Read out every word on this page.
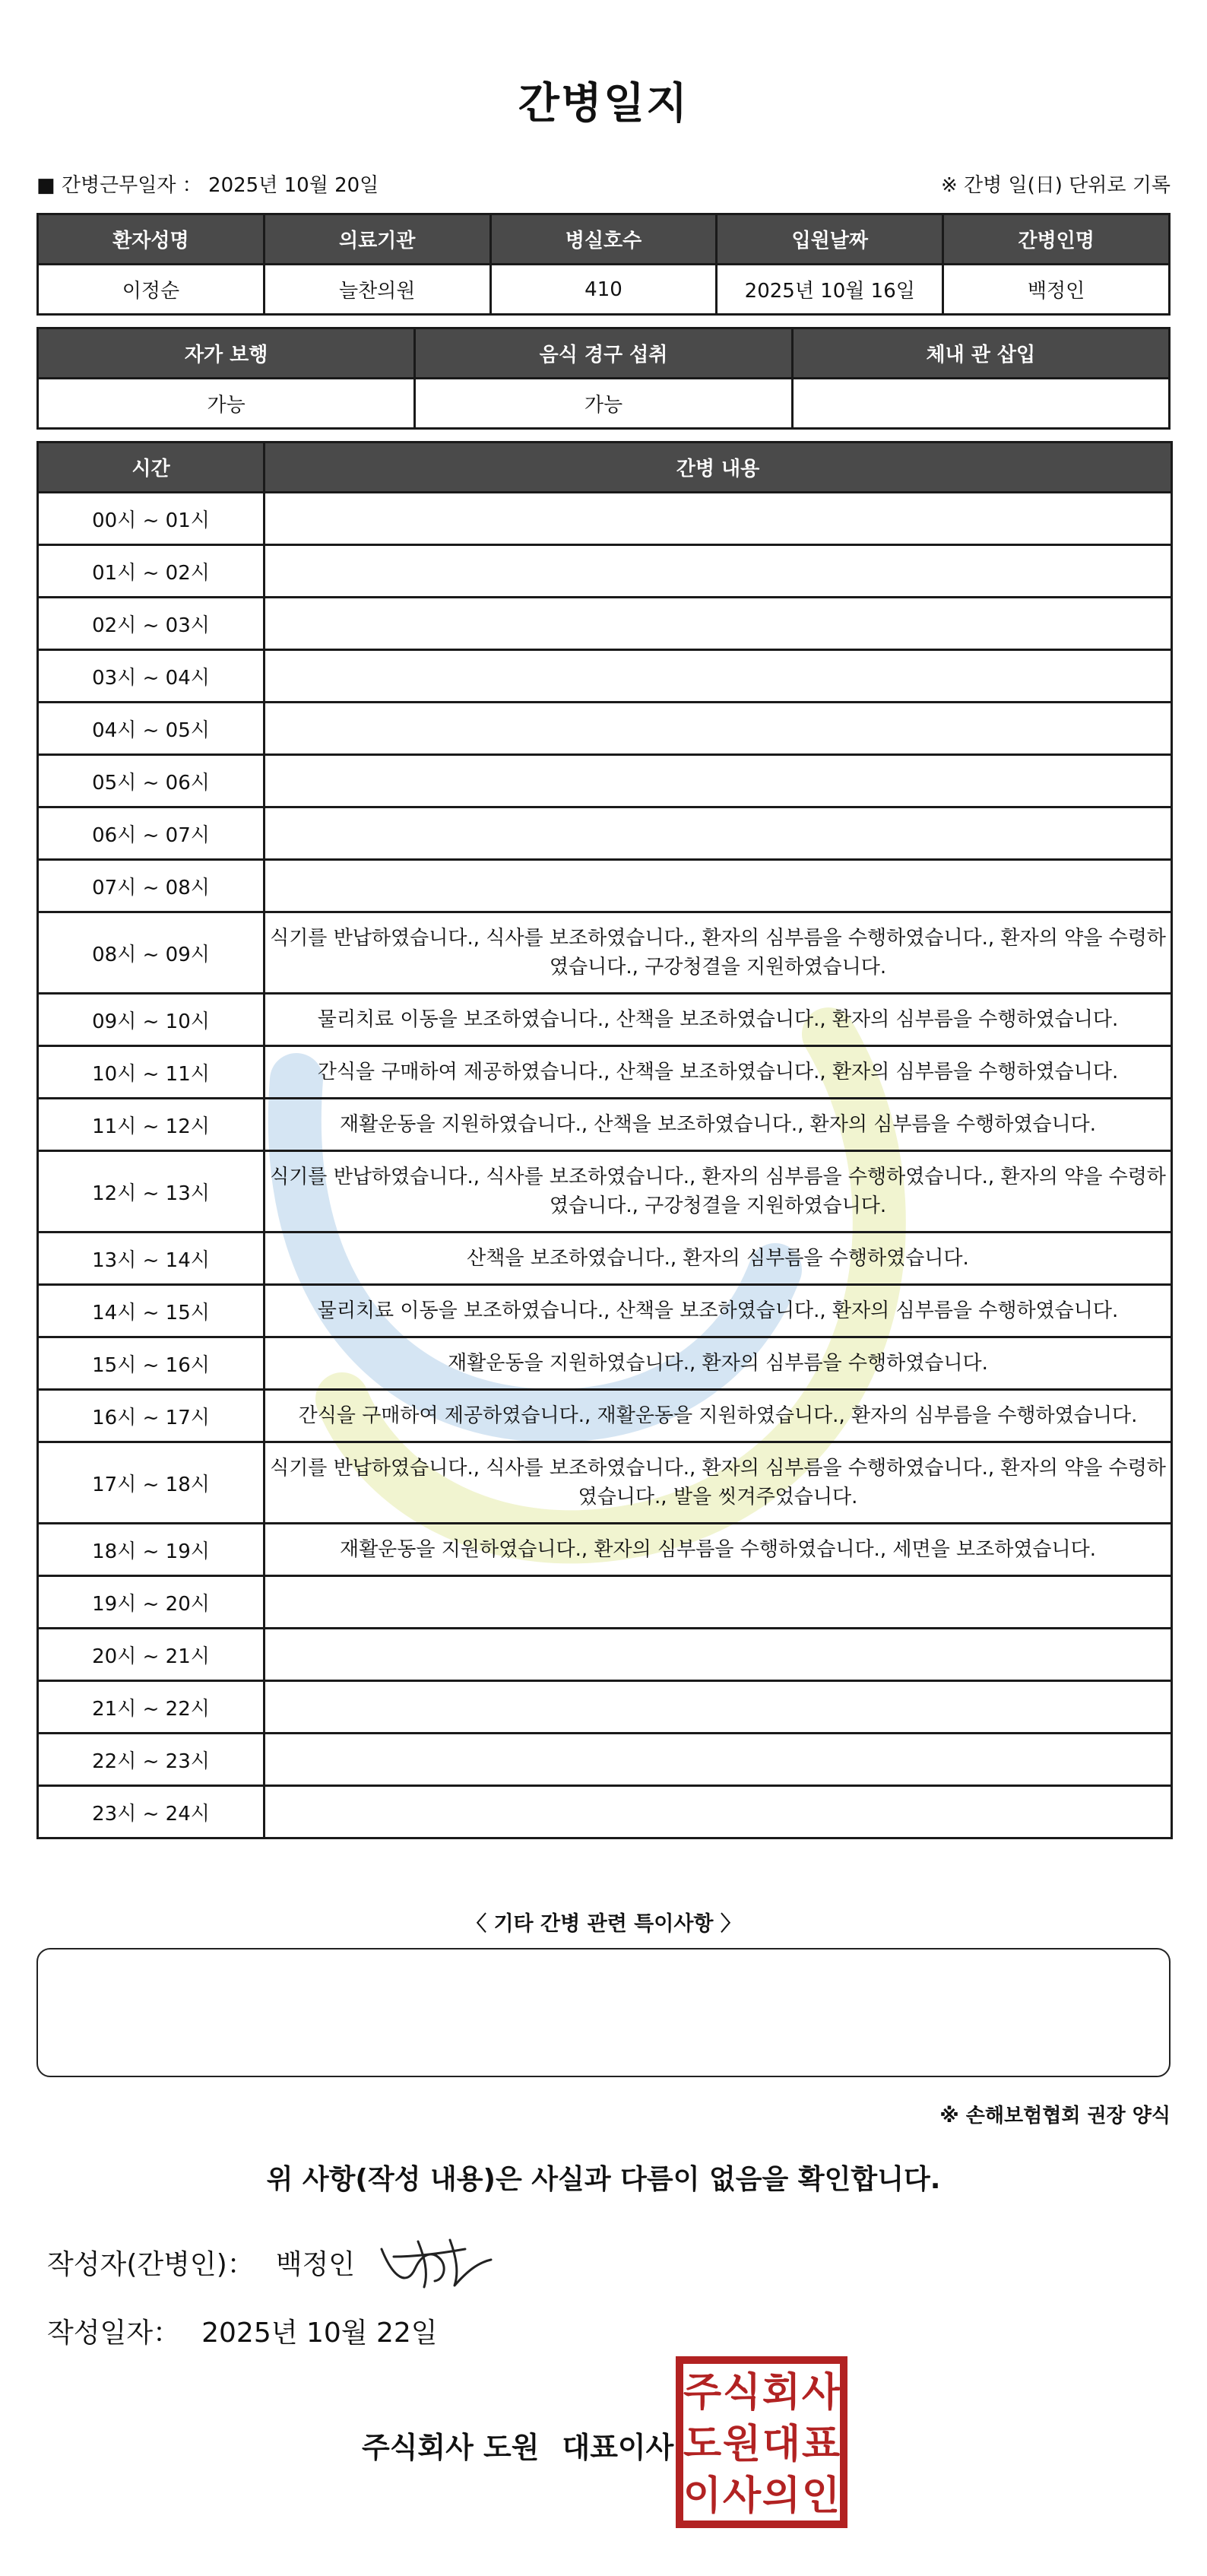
간병일지
■ 간병근무일자 ： 2025년 10월 20일	※ 간병 일(日) 단위로 기록
환자성명	의료기관	병실호수	입원날짜	간병인명
이정순	늘찬의원	410	2025년 10월 16일	백정인
자가 보행	음식 경구 섭취	체내 관 삽입
가능	가능	
시간	간병 내용
00시 ~ 01시	
01시 ~ 02시	
02시 ~ 03시	
03시 ~ 04시	
04시 ~ 05시	
05시 ~ 06시	
06시 ~ 07시	
07시 ~ 08시	
08시 ~ 09시	식기를 반납하였습니다., 식사를 보조하였습니다., 환자의 심부름을 수행하였습니다., 환자의 약을 수령하였습니다., 구강청결을 지원하였습니다.
09시 ~ 10시	물리치료 이동을 보조하였습니다., 산책을 보조하였습니다., 환자의 심부름을 수행하였습니다.
10시 ~ 11시	간식을 구매하여 제공하였습니다., 산책을 보조하였습니다., 환자의 심부름을 수행하였습니다.
11시 ~ 12시	재활운동을 지원하였습니다., 산책을 보조하였습니다., 환자의 심부름을 수행하였습니다.
12시 ~ 13시	식기를 반납하였습니다., 식사를 보조하였습니다., 환자의 심부름을 수행하였습니다., 환자의 약을 수령하였습니다., 구강청결을 지원하였습니다.
13시 ~ 14시	산책을 보조하였습니다., 환자의 심부름을 수행하였습니다.
14시 ~ 15시	물리치료 이동을 보조하였습니다., 산책을 보조하였습니다., 환자의 심부름을 수행하였습니다.
15시 ~ 16시	재활운동을 지원하였습니다., 환자의 심부름을 수행하였습니다.
16시 ~ 17시	간식을 구매하여 제공하였습니다., 재활운동을 지원하였습니다., 환자의 심부름을 수행하였습니다.
17시 ~ 18시	식기를 반납하였습니다., 식사를 보조하였습니다., 환자의 심부름을 수행하였습니다., 환자의 약을 수령하였습니다., 발을 씻겨주었습니다.
18시 ~ 19시	재활운동을 지원하였습니다., 환자의 심부름을 수행하였습니다., 세면을 보조하였습니다.
19시 ~ 20시	
20시 ~ 21시	
21시 ~ 22시	
22시 ~ 23시	
23시 ~ 24시	
〈 기타 간병 관련 특이사항 〉
※ 손해보험협회 권장 양식
위 사항(작성 내용)은 사실과 다름이 없음을 확인합니다.
작성자(간병인)： 백정인
작성일자： 2025년 10월 22일
주식회사 도원 대표이사
주 식 회 사
도 원 대 표
이 사 의 인
